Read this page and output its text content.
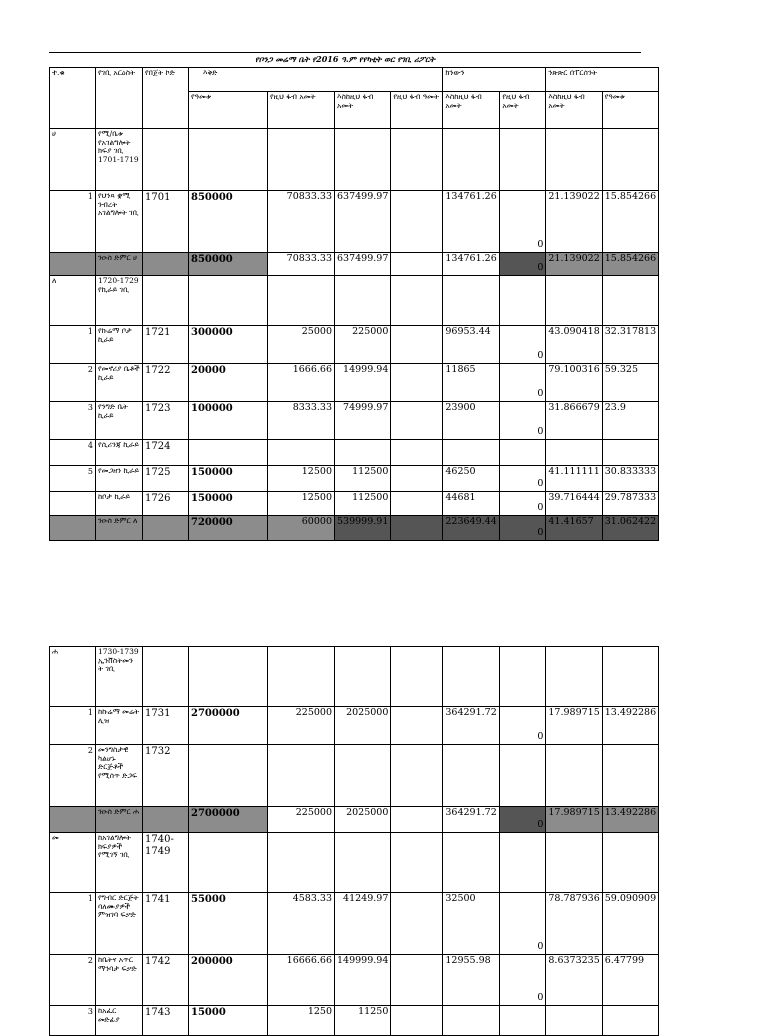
የቦንጋ መሬማ ቤት የ2016 ዓ.ም የየካቲት ወር የገቢ ሪፖርት
ተ.ቁ	የገቢ አርዕስት	የበጀት ኮድ	እቅድ				ክንውን		ንጽጽር በፐርሰንት	
			የዓመቱ	የዚህ ፋብ አመት	እስከዚህ ፋብ አመት	የዚህ ፋብ ዓመት	እስከዚህ ፋብ አመት	የዚህ ፋብ አመት	እስከዚህ ፋብ አመት	የዓመቱ
ሀ	የሚ/ቤቱ የአገልግሎት ክፍያ ገቢ 1701-1719									
1	የህንጻ ቋሚ ንብረት አገልግሎት ገቢ	1701	850000	70833.33	637499.97		134761.26	0	21.139022	15.854266
	ንዑስ ድምር ሀ		850000	70833.33	637499.97		134761.26	0	21.139022	15.854266
ለ	1720-1729 የኪራይ ገቢ									
1	የኩሬማ ቦታ ኪራይ	1721	300000	25000	225000		96953.44	0	43.090418	32.317813
2	የመኖሪያ ቤቶች ኪራይ	1722	20000	1666.66	14999.94		11865	0	79.100316	59.325
3	የንግድ ቤት ኪራይ	1723	100000	8333.33	74999.97		23900	0	31.866679	23.9
4	የሲሪንጃ ኪራይ	1724								
5	የመጋዘን ኪራይ	1725	150000	12500	112500		46250	0	41.111111	30.833333
	ከቦታ ኪራይ	1726	150000	12500	112500		44681	0	39.716444	29.787333
	ንዑስ ድምር ለ		720000	60000	539999.91		223649.44	0	41.41657	31.062422
ሐ	1730-1739 ኢንቨስትመን ት ገቢ									
1	ከኩሬማ መሬት ሊዝ	1731	2700000	225000	2025000		364291.72	0	17.989715	13.492286
2	መንግስታዊ ካልሆኑ ድርጅቶች የሚሰጥ ድጋፍ	1732								
	ንዑስ ድምር ሐ		2700000	225000	2025000		364291.72	0	17.989715	13.492286
መ	ከአገልግሎት ክፍያዎች የሚገኝ ገቢ	1740-1749								
1	የግብር ድርጅት ባለሙያዎች ምዝገባ ፍቃድ	1741	55000	4583.33	41249.97		32500	0	78.787936	59.090909
2	ከቤትና አጥር ማንባታ ፍቃድ	1742	200000	16666.66	149999.94		12955.98	0	8.6373235	6.47799
3	ከአፈር መድፊያ	1743	15000	1250	11250					
